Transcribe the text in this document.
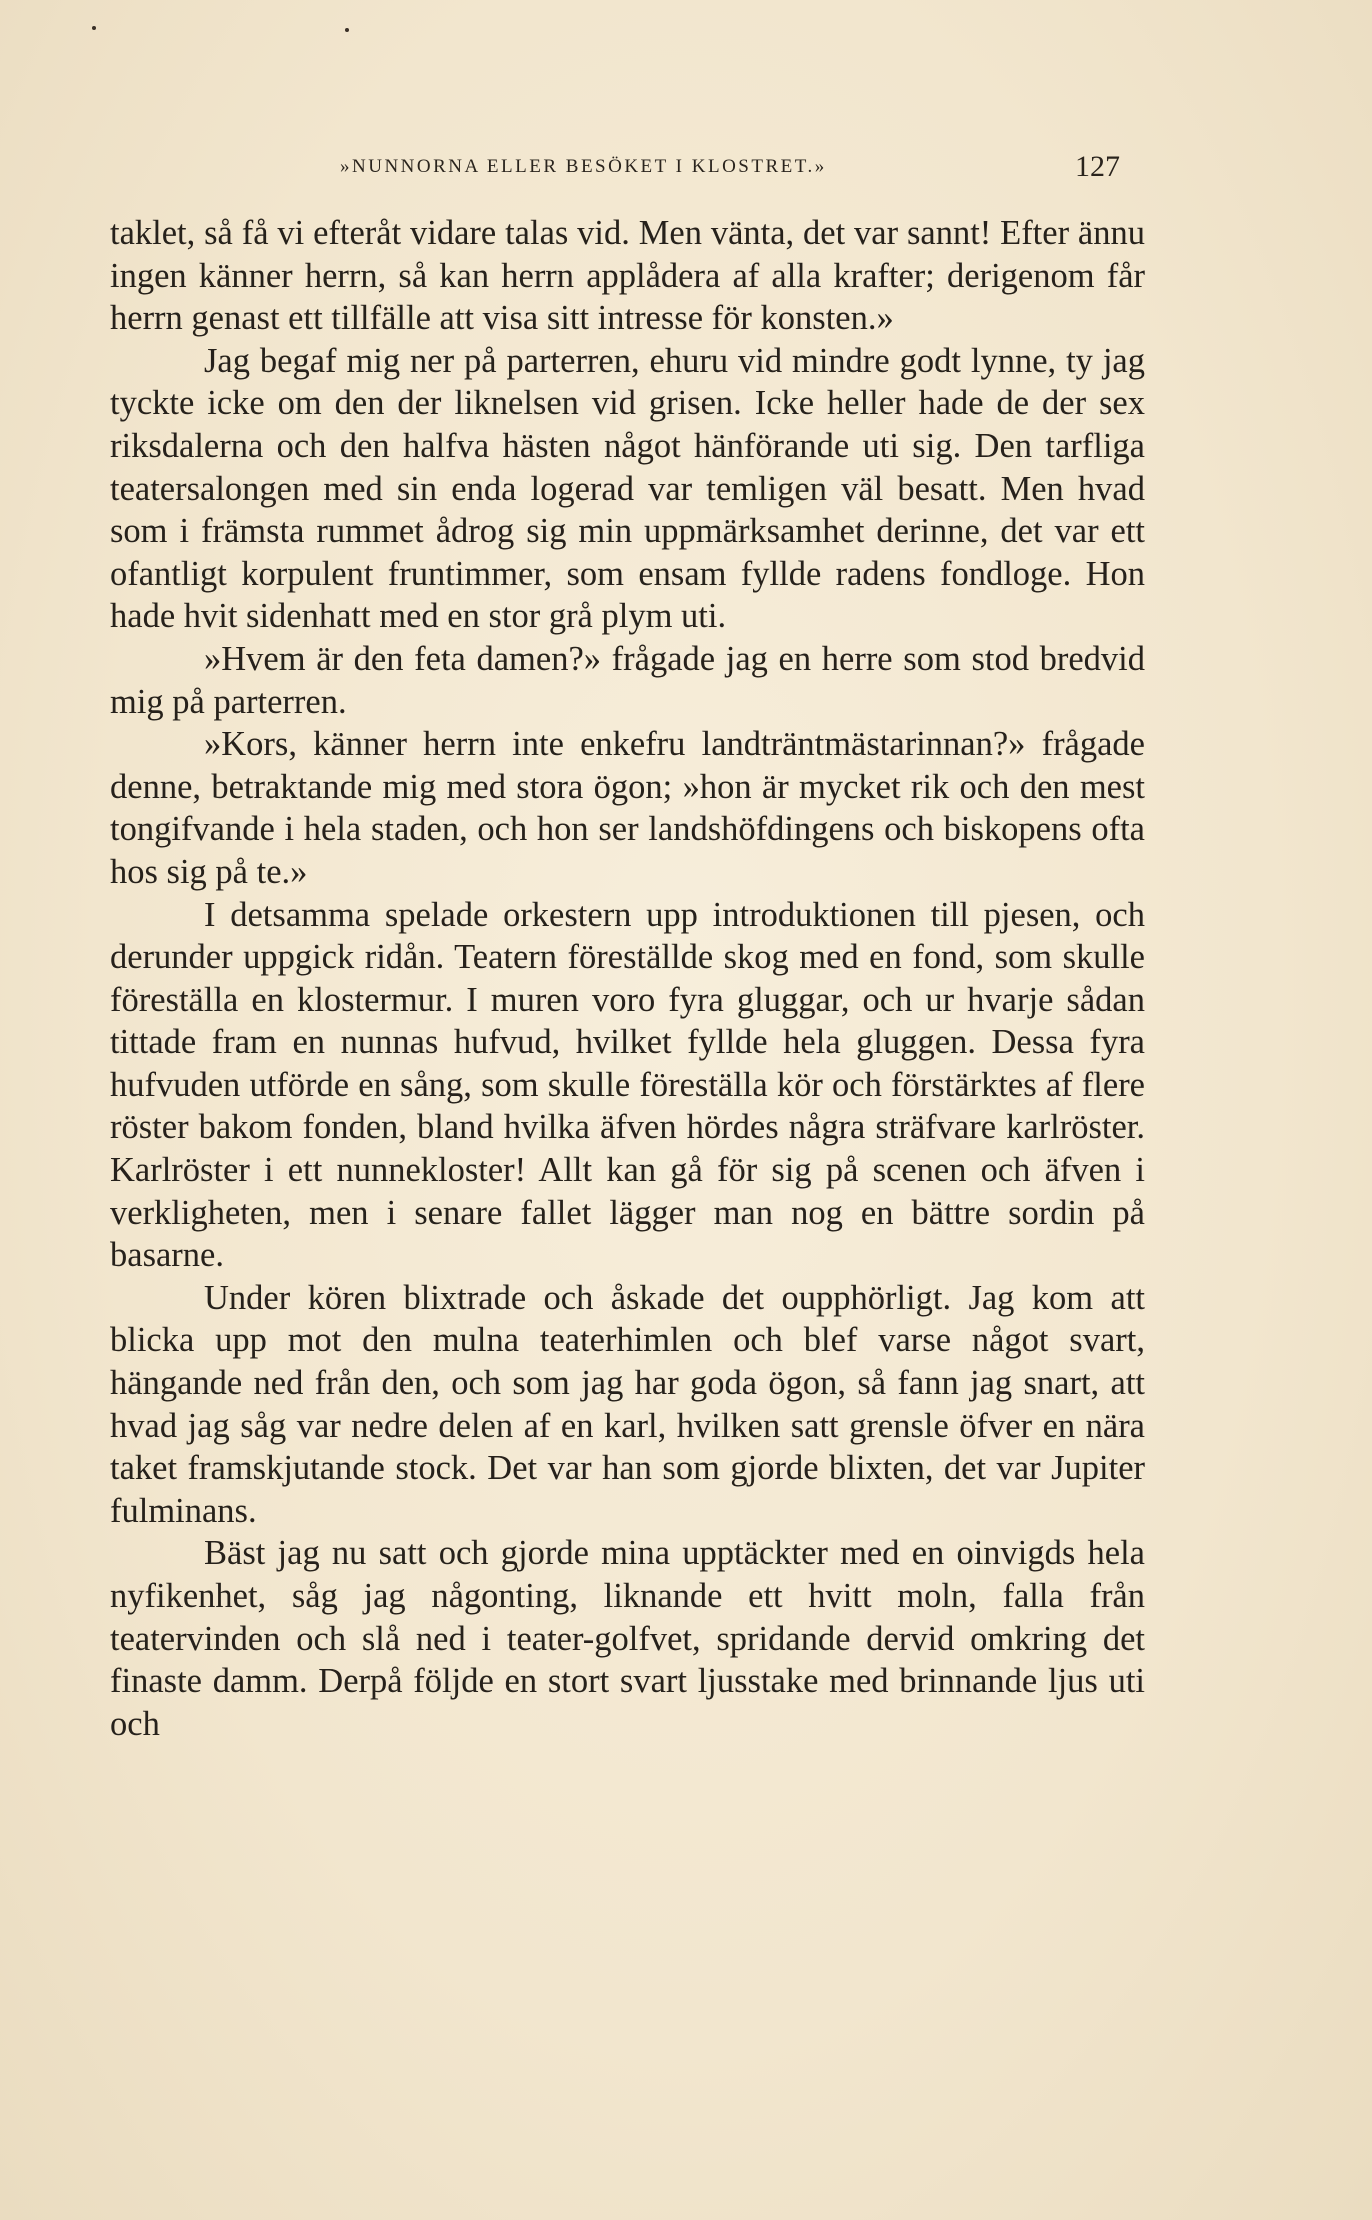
»NUNNORNA ELLER BESÖKET I KLOSTRET.»	127

taklet, så få vi efteråt vidare talas vid. Men vänta, det var sannt! Efter ännu ingen känner herrn, så kan herrn applådera af alla krafter; derigenom får herrn genast ett tillfälle att visa sitt intresse för konsten.»

Jag begaf mig ner på parterren, ehuru vid mindre godt lynne, ty jag tyckte icke om den der liknelsen vid grisen. Icke heller hade de der sex riksdalerna och den halfva hästen något hänförande uti sig. Den tarfliga teatersalongen med sin enda logerad var temligen väl besatt. Men hvad som i främsta rummet ådrog sig min uppmärksamhet derinne, det var ett ofantligt korpulent fruntimmer, som ensam fyllde radens fondloge. Hon hade hvit sidenhatt med en stor grå plym uti.

»Hvem är den feta damen?» frågade jag en herre som stod bredvid mig på parterren.

»Kors, känner herrn inte enkefru landträntmästarinnan?» frågade denne, betraktande mig med stora ögon; »hon är mycket rik och den mest tongifvande i hela staden, och hon ser landshöfdingens och biskopens ofta hos sig på te.»

I detsamma spelade orkestern upp introduktionen till pjesen, och derunder uppgick ridån. Teatern föreställde skog med en fond, som skulle föreställa en klostermur. I muren voro fyra gluggar, och ur hvarje sådan tittade fram en nunnas hufvud, hvilket fyllde hela gluggen. Dessa fyra hufvuden utförde en sång, som skulle föreställa kör och förstärktes af flere röster bakom fonden, bland hvilka äfven hördes några sträfvare karlröster. Karlröster i ett nunnekloster! Allt kan gå för sig på scenen och äfven i verkligheten, men i senare fallet lägger man nog en bättre sordin på basarne.

Under kören blixtrade och åskade det oupphörligt. Jag kom att blicka upp mot den mulna teaterhimlen och blef varse något svart, hängande ned från den, och som jag har goda ögon, så fann jag snart, att hvad jag såg var nedre delen af en karl, hvilken satt grensle öfver en nära taket framskjutande stock. Det var han som gjorde blixten, det var Jupiter fulminans.

Bäst jag nu satt och gjorde mina upptäckter med en oinvigds hela nyfikenhet, såg jag någonting, liknande ett hvitt moln, falla från teatervinden och slå ned i teater-golfvet, spridande dervid omkring det finaste damm. Derpå följde en stort svart ljusstake med brinnande ljus uti och
